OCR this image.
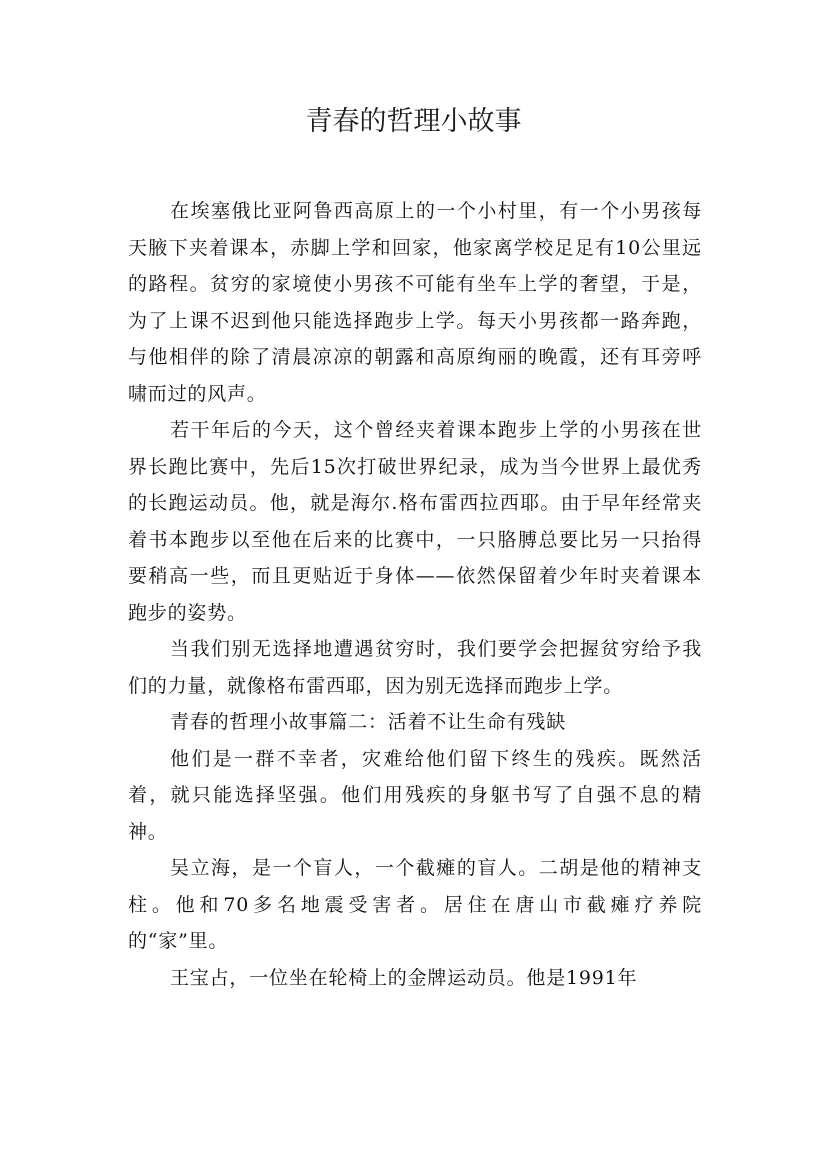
青春的哲理小故事

在埃塞俄比亚阿鲁西高原上的一个小村里，有一个小男孩每天腋下夹着课本，赤脚上学和回家，他家离学校足足有10公里远的路程。贫穷的家境使小男孩不可能有坐车上学的奢望，于是，为了上课不迟到他只能选择跑步上学。每天小男孩都一路奔跑，与他相伴的除了清晨凉凉的朝露和高原绚丽的晚霞，还有耳旁呼啸而过的风声。

若干年后的今天，这个曾经夹着课本跑步上学的小男孩在世界长跑比赛中，先后15次打破世界纪录，成为当今世界上最优秀的长跑运动员。他，就是海尔.格布雷西拉西耶。由于早年经常夹着书本跑步以至他在后来的比赛中，一只胳膊总要比另一只抬得要稍高一些，而且更贴近于身体——依然保留着少年时夹着课本跑步的姿势。

当我们别无选择地遭遇贫穷时，我们要学会把握贫穷给予我们的力量，就像格布雷西耶，因为别无选择而跑步上学。

青春的哲理小故事篇二：活着不让生命有残缺

他们是一群不幸者，灾难给他们留下终生的残疾。既然活着，就只能选择坚强。他们用残疾的身躯书写了自强不息的精神。

吴立海，是一个盲人，一个截瘫的盲人。二胡是他的精神支柱。他和70多名地震受害者。居住在唐山市截瘫疗养院的“家”里。

王宝占，一位坐在轮椅上的金牌运动员。他是1991年
